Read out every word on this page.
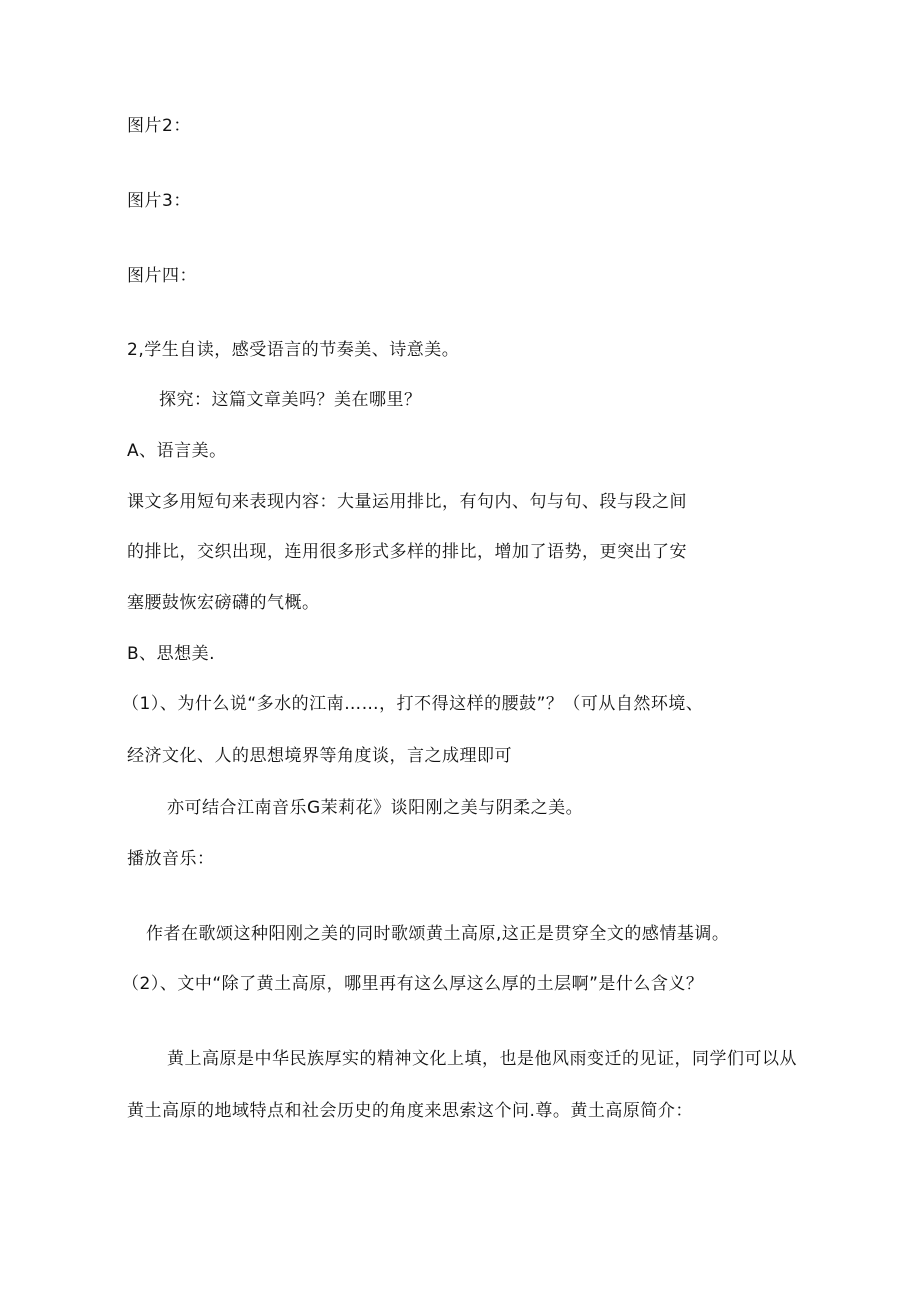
图片2：
图片3：
图片四：
2,学生自读，感受语言的节奏美、诗意美。
探究：这篇文章美吗？美在哪里？
A、语言美。
课文多用短句来表现内容：大量运用排比，有句内、句与句、段与段之间
的排比，交织出现，连用很多形式多样的排比，增加了语势，更突出了安
塞腰鼓恢宏磅礴的气概。
B、思想美.
（1）、为什么说“多水的江南……，打不得这样的腰鼓”？（可从自然环境、
经济文化、人的思想境界等角度谈，言之成理即可
亦可结合江南音乐G茉莉花》谈阳刚之美与阴柔之美。
播放音乐：
作者在歌颂这种阳刚之美的同时歌颂黄土高原,这正是贯穿全文的感情基调。
（2）、文中“除了黄土高原，哪里再有这么厚这么厚的土层啊”是什么含义？
黄上高原是中华民族厚实的精神文化上填，也是他风雨变迁的见证，同学们可以从
黄土高原的地域特点和社会历史的角度来思索这个问.尊。黄土高原简介：
